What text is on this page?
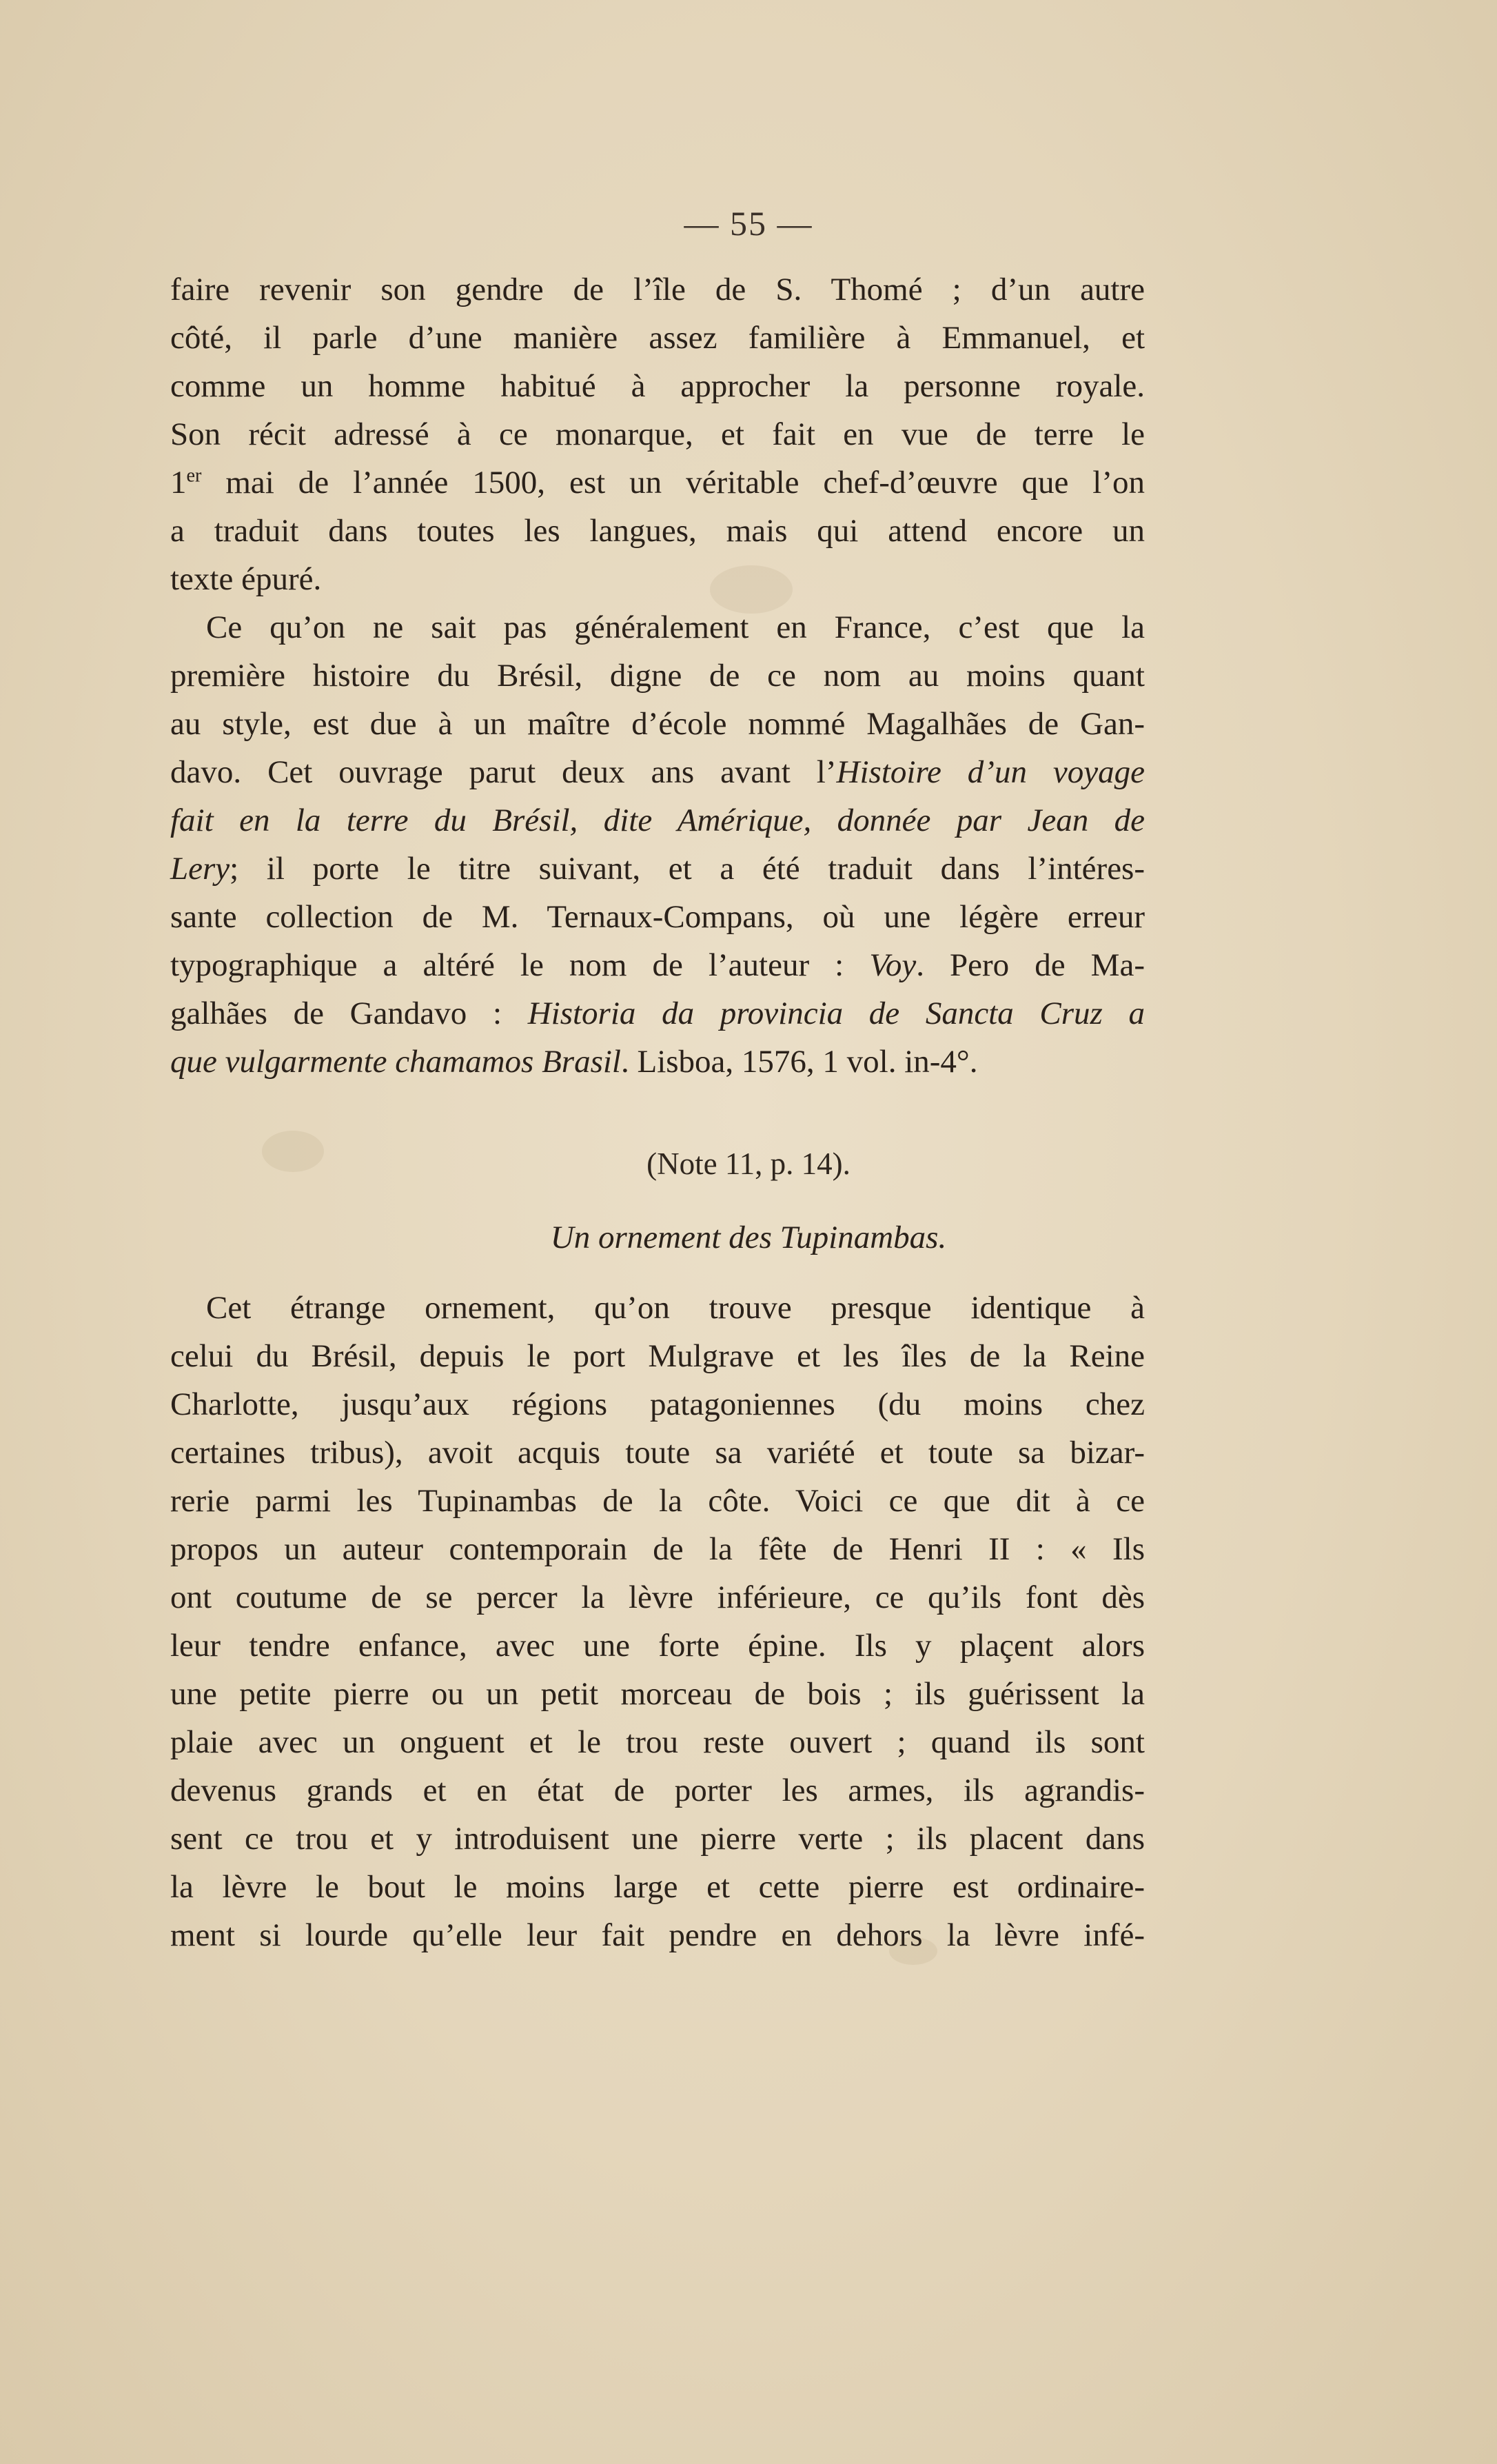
— 55 —
faire revenir son gendre de l’île de S. Thomé ; d’un autre
côté, il parle d’une manière assez familière à Emmanuel, et
comme un homme habitué à approcher la personne royale.
Son récit adressé à ce monarque, et fait en vue de terre le
1er mai de l’année 1500, est un véritable chef-d’œuvre que l’on
a traduit dans toutes les langues, mais qui attend encore un
texte épuré.
Ce qu’on ne sait pas généralement en France, c’est que la
première histoire du Brésil, digne de ce nom au moins quant
au style, est due à un maître d’école nommé Magalhães de Gan-
davo. Cet ouvrage parut deux ans avant l’Histoire d’un voyage
fait en la terre du Brésil, dite Amérique, donnée par Jean de
Lery; il porte le titre suivant, et a été traduit dans l’intéres-
sante collection de M. Ternaux-Compans, où une légère erreur
typographique a altéré le nom de l’auteur : Voy. Pero de Ma-
galhães de Gandavo : Historia da provincia de Sancta Cruz a
que vulgarmente chamamos Brasil. Lisboa, 1576, 1 vol. in-4°.
(Note 11, p. 14).
Un ornement des Tupinambas.
Cet étrange ornement, qu’on trouve presque identique à
celui du Brésil, depuis le port Mulgrave et les îles de la Reine
Charlotte, jusqu’aux régions patagoniennes (du moins chez
certaines tribus), avoit acquis toute sa variété et toute sa bizar-
rerie parmi les Tupinambas de la côte. Voici ce que dit à ce
propos un auteur contemporain de la fête de Henri II : « Ils
ont coutume de se percer la lèvre inférieure, ce qu’ils font dès
leur tendre enfance, avec une forte épine. Ils y plaçent alors
une petite pierre ou un petit morceau de bois ; ils guérissent la
plaie avec un onguent et le trou reste ouvert ; quand ils sont
devenus grands et en état de porter les armes, ils agrandis-
sent ce trou et y introduisent une pierre verte ; ils placent dans
la lèvre le bout le moins large et cette pierre est ordinaire-
ment si lourde qu’elle leur fait pendre en dehors la lèvre infé-
